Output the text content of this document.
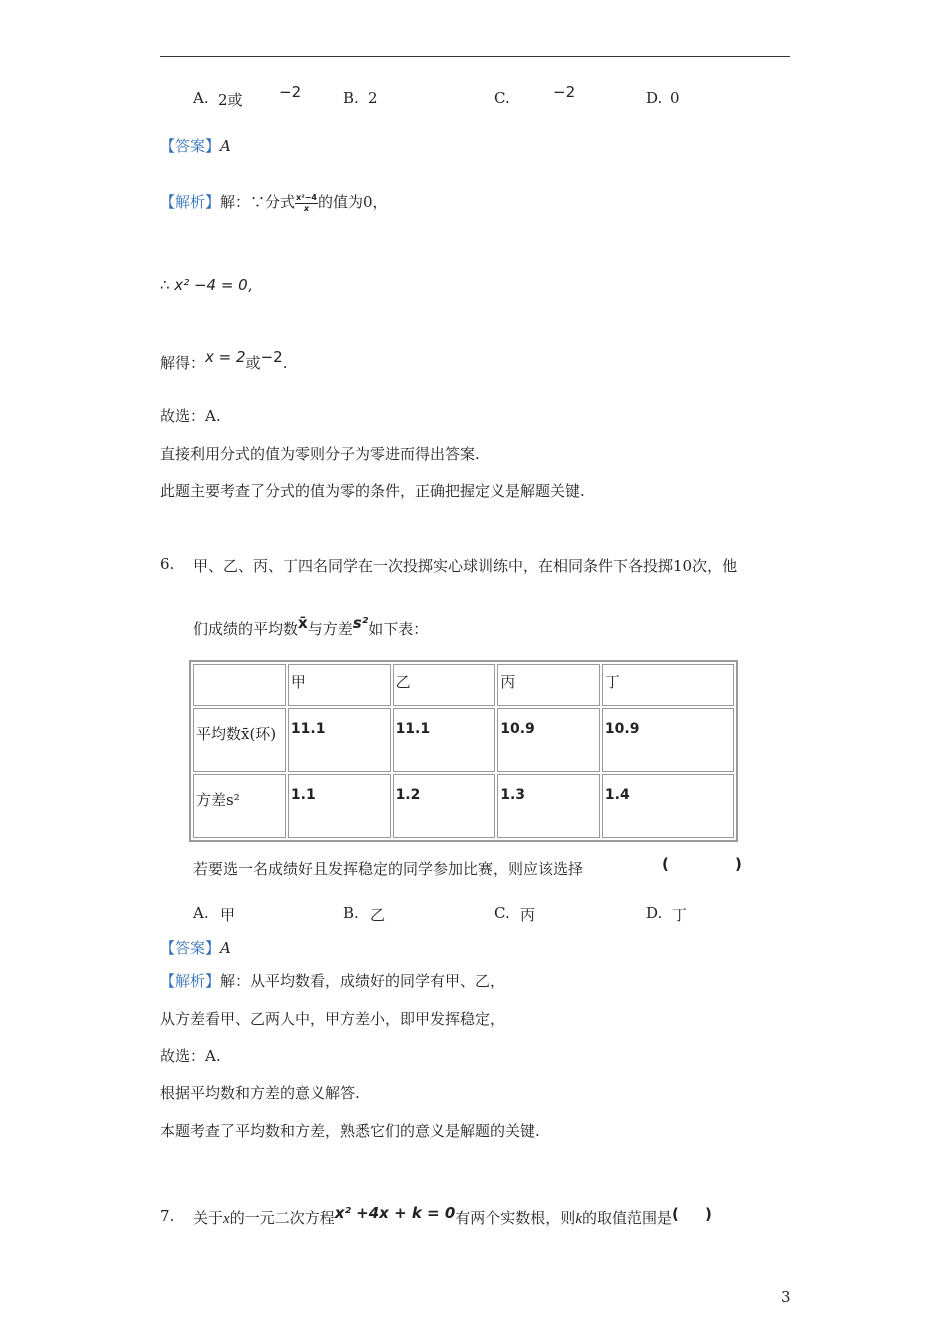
A. 2或 −2	B. 2	C.	−2	D. 0
【答案】A
【解析】解：∵分式 $\frac{\text{x²−4}}{x}$ 的值为0，
∴ x² −4 = 0,
解得：x = 2或−2.
故选：A.
直接利用分式的值为零则分子为零进而得出答案.
此题主要考查了分式的值为零的条件，正确把握定义是解题关键.
6. 甲、乙、丙、丁四名同学在一次投掷实心球训练中，在相同条件下各投掷10次，他
们成绩的平均数x̄与方差s²如下表：
	甲	乙	丙	丁
平均数x̄(环)	11.1	11.1	10.9	10.9
方差s²	1.1	1.2	1.3	1.4
若要选一名成绩好且发挥稳定的同学参加比赛，则应该选择	(	)
A. 甲	B. 乙	C. 丙	D. 丁
【答案】A
【解析】解：从平均数看，成绩好的同学有甲、乙，
从方差看甲、乙两人中，甲方差小，即甲发挥稳定，
故选：A.
根据平均数和方差的意义解答.
本题考查了平均数和方差，熟悉它们的意义是解题的关键.
7. 关于x的一元二次方程x² +4x + k = 0有两个实数根，则k的取值范围是(     )
3
